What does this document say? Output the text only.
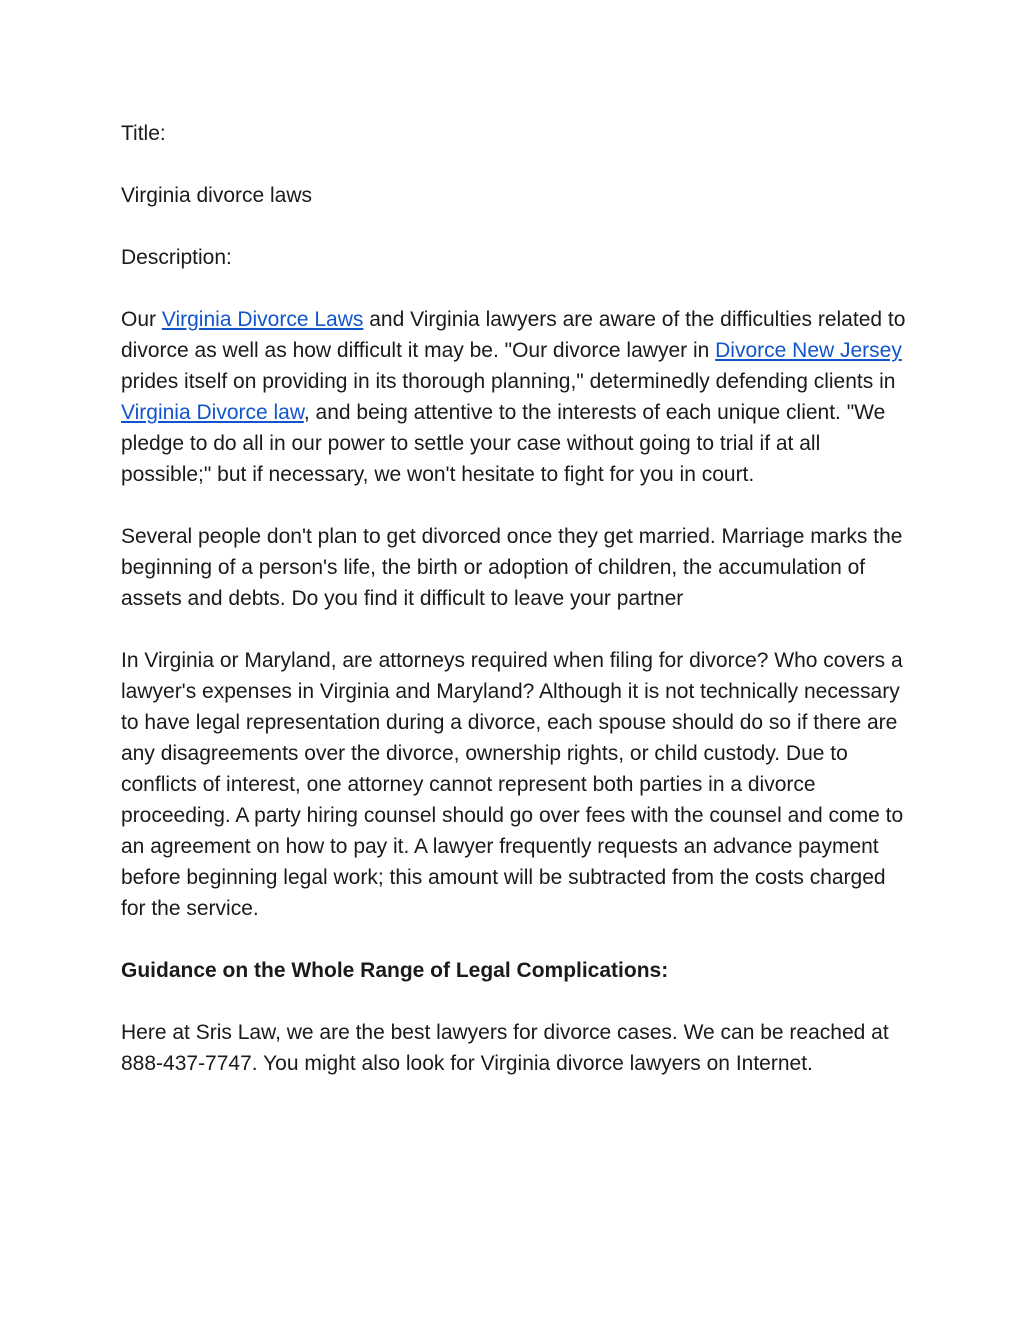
Title:

Virginia divorce laws

Description:

Our Virginia Divorce Laws and Virginia lawyers are aware of the difficulties related to divorce as well as how difficult it may be. "Our divorce lawyer in Divorce New Jersey prides itself on providing in its thorough planning," determinedly defending clients in Virginia Divorce law, and being attentive to the interests of each unique client. "We pledge to do all in our power to settle your case without going to trial if at all possible;" but if necessary, we won't hesitate to fight for you in court.

Several people don't plan to get divorced once they get married. Marriage marks the beginning of a person's life, the birth or adoption of children, the accumulation of assets and debts. Do you find it difficult to leave your partner

In Virginia or Maryland, are attorneys required when filing for divorce? Who covers a lawyer's expenses in Virginia and Maryland? Although it is not technically necessary to have legal representation during a divorce, each spouse should do so if there are any disagreements over the divorce, ownership rights, or child custody. Due to conflicts of interest, one attorney cannot represent both parties in a divorce proceeding. A party hiring counsel should go over fees with the counsel and come to an agreement on how to pay it. A lawyer frequently requests an advance payment before beginning legal work; this amount will be subtracted from the costs charged for the service.

Guidance on the Whole Range of Legal Complications:

Here at Sris Law, we are the best lawyers for divorce cases. We can be reached at 888-437-7747. You might also look for Virginia divorce lawyers on Internet.
